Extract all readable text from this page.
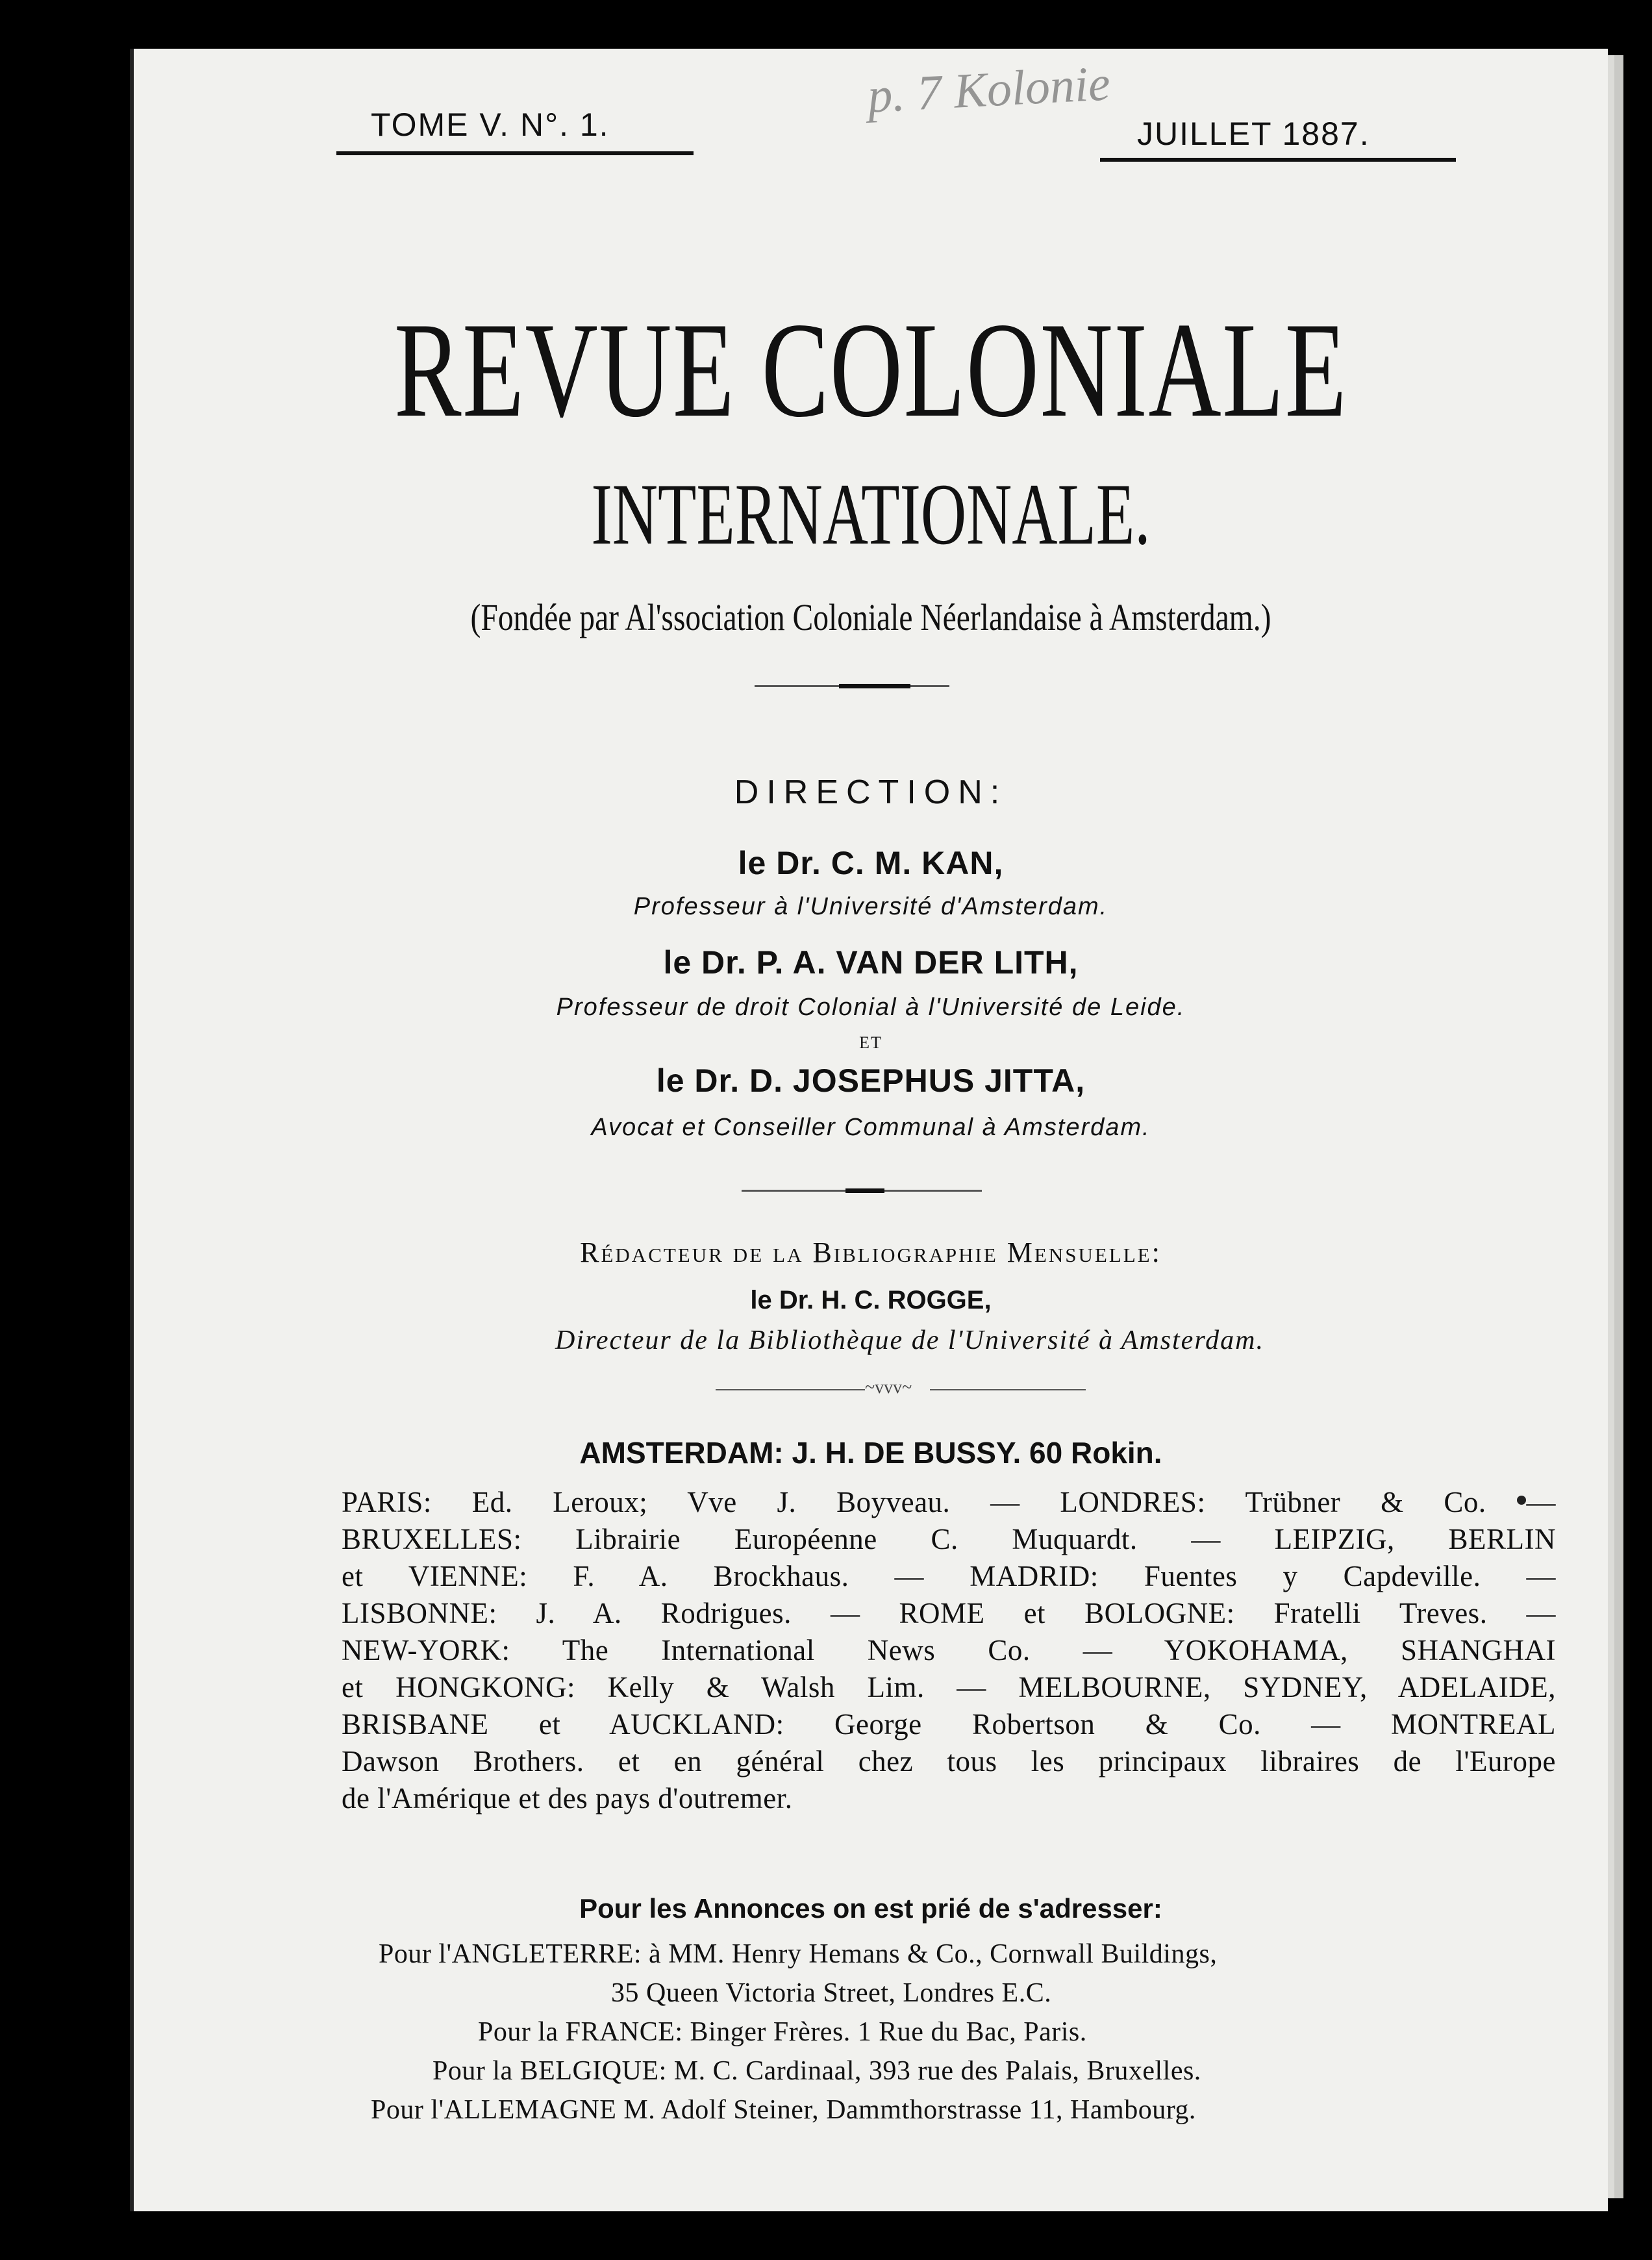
TOME V. N°. 1.	JUILLET 1887.
p. 7 Kolonie
REVUE COLONIALE
INTERNATIONALE.
(Fondée par Al'ssociation Coloniale Néerlandaise à Amsterdam.)
DIRECTION:
le Dr. C. M. KAN,
Professeur à l'Université d'Amsterdam.
le Dr. P. A. VAN DER LITH,
Professeur de droit Colonial à l'Université de Leide.
ET
le Dr. D. JOSEPHUS JITTA,
Avocat et Conseiller Communal à Amsterdam.
Rédacteur de la Bibliographie Mensuelle:
le Dr. H. C. ROGGE,
Directeur de la Bibliothèque de l'Université à Amsterdam.
~vvv~
AMSTERDAM: J. H. DE BUSSY. 60 Rokin.
PARIS: Ed. Leroux; Vve J. Boyveau. — LONDRES: Trübner & Co. —
BRUXELLES: Librairie Européenne C. Muquardt. — LEIPZIG, BERLIN
et VIENNE: F. A. Brockhaus. — MADRID: Fuentes y Capdeville. —
LISBONNE: J. A. Rodrigues. — ROME et BOLOGNE: Fratelli Treves. —
NEW-YORK: The International News Co. — YOKOHAMA, SHANGHAI
et HONGKONG: Kelly & Walsh Lim. — MELBOURNE, SYDNEY, ADELAIDE,
BRISBANE et AUCKLAND: George Robertson & Co. — MONTREAL
Dawson Brothers. et en général chez tous les principaux libraires de l'Europe
de l'Amérique et des pays d'outremer.
Pour les Annonces on est prié de s'adresser:
Pour l'ANGLETERRE: à MM. Henry Hemans & Co., Cornwall Buildings,
35 Queen Victoria Street, Londres E.C.
Pour la FRANCE: Binger Frères. 1 Rue du Bac, Paris.
Pour la BELGIQUE: M. C. Cardinaal, 393 rue des Palais, Bruxelles.
Pour l'ALLEMAGNE M. Adolf Steiner, Dammthorstrasse 11, Hambourg.
